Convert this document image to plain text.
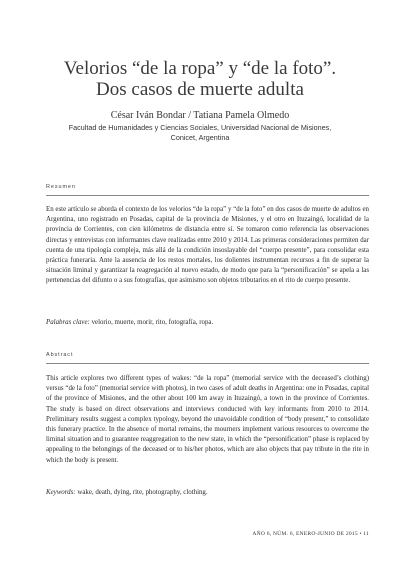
Velorios “de la ropa” y “de la foto”.
Dos casos de muerte adulta
César Iván Bondar / Tatiana Pamela Olmedo
Facultad de Humanidades y Ciencias Sociales, Universidad Nacional de Misiones,
Conicet, Argentina
Resumen

En este artículo se aborda el contexto de los velorios “de la ropa” y “de la foto” en dos casos de muerte de adultos en Argentina, uno registrado en Posadas, capital de la provincia de Misiones, y el otro en Ituzaingó, localidad de la provincia de Corrientes, con cien kilómetros de distancia entre sí. Se tomaron como referencia las observaciones directas y entrevistas con informantes clave realizadas entre 2010 y 2014. Las primeras consideraciones permiten dar cuenta de una tipología compleja, más allá de la condición insoslayable del “cuerpo presente”, para consolidar esta práctica funeraria. Ante la ausencia de los restos mortales, los dolientes instrumentan recursos a fin de superar la situación liminal y garantizar la reagregación al nuevo estado, de modo que para la “personificación” se apela a las pertenencias del difunto o a sus fotografías, que asimismo son objetos tributarios en el rito de cuerpo presente.

Palabras clave: velorio, muerte, morir, rito, fotografía, ropa.

Abstract

This article explores two different types of wakes: “de la ropa” (memorial service with the deceased’s clothing) versus “de la foto” (memorial service with photos), in two cases of adult deaths in Argentina: one in Posadas, capital of the province of Misiones, and the other about 100 km away in Ituzaingó, a town in the province of Corrientes. The study is based on direct observations and interviews conducted with key informants from 2010 to 2014. Preliminary results suggest a complex typology, beyond the unavoidable condition of “body present,” to consolidate this funerary practice. In the absence of mortal remains, the mourners implement various resources to overcome the liminal situation and to guarantee reaggregation to the new state, in which the “personification” phase is replaced by appealing to the belongings of the deceased or to his/her photos, which are also objects that pay tribute in the rite in which the body is present.

Keywords: wake, death, dying, rite, photography, clothing.

AÑO 6, NÚM. 6, ENERO-JUNIO DE 2015 • 11
